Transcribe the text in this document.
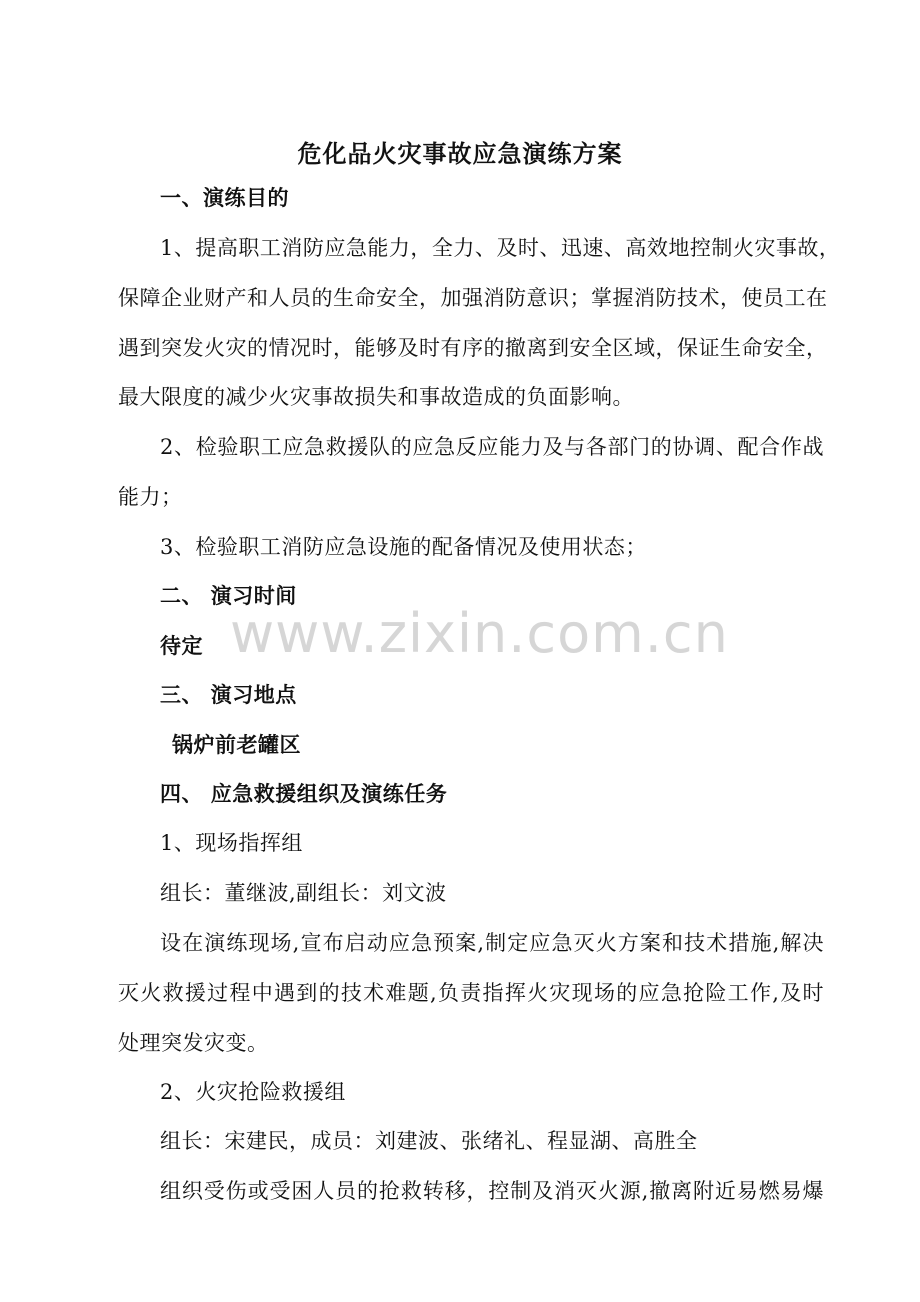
www.zixin.com.cn
危化品火灾事故应急演练方案
一、演练目的
1、提高职工消防应急能力，全力、及时、迅速、高效地控制火灾事故，
保障企业财产和人员的生命安全，加强消防意识；掌握消防技术，使员工在
遇到突发火灾的情况时，能够及时有序的撤离到安全区域，保证生命安全，
最大限度的减少火灾事故损失和事故造成的负面影响。
2、检验职工应急救援队的应急反应能力及与各部门的协调、配合作战
能力；
3、检验职工消防应急设施的配备情况及使用状态；
二、 演习时间
待定
三、 演习地点
锅炉前老罐区
四、 应急救援组织及演练任务
1、现场指挥组
组长：董继波,副组长：刘文波
设在演练现场,宣布启动应急预案,制定应急灭火方案和技术措施,解决
灭火救援过程中遇到的技术难题,负责指挥火灾现场的应急抢险工作,及时
处理突发灾变。
2、火灾抢险救援组
组长：宋建民，成员：刘建波、张绪礼、程显湖、高胜全
组织受伤或受困人员的抢救转移，控制及消灭火源,撤离附近易燃易爆
